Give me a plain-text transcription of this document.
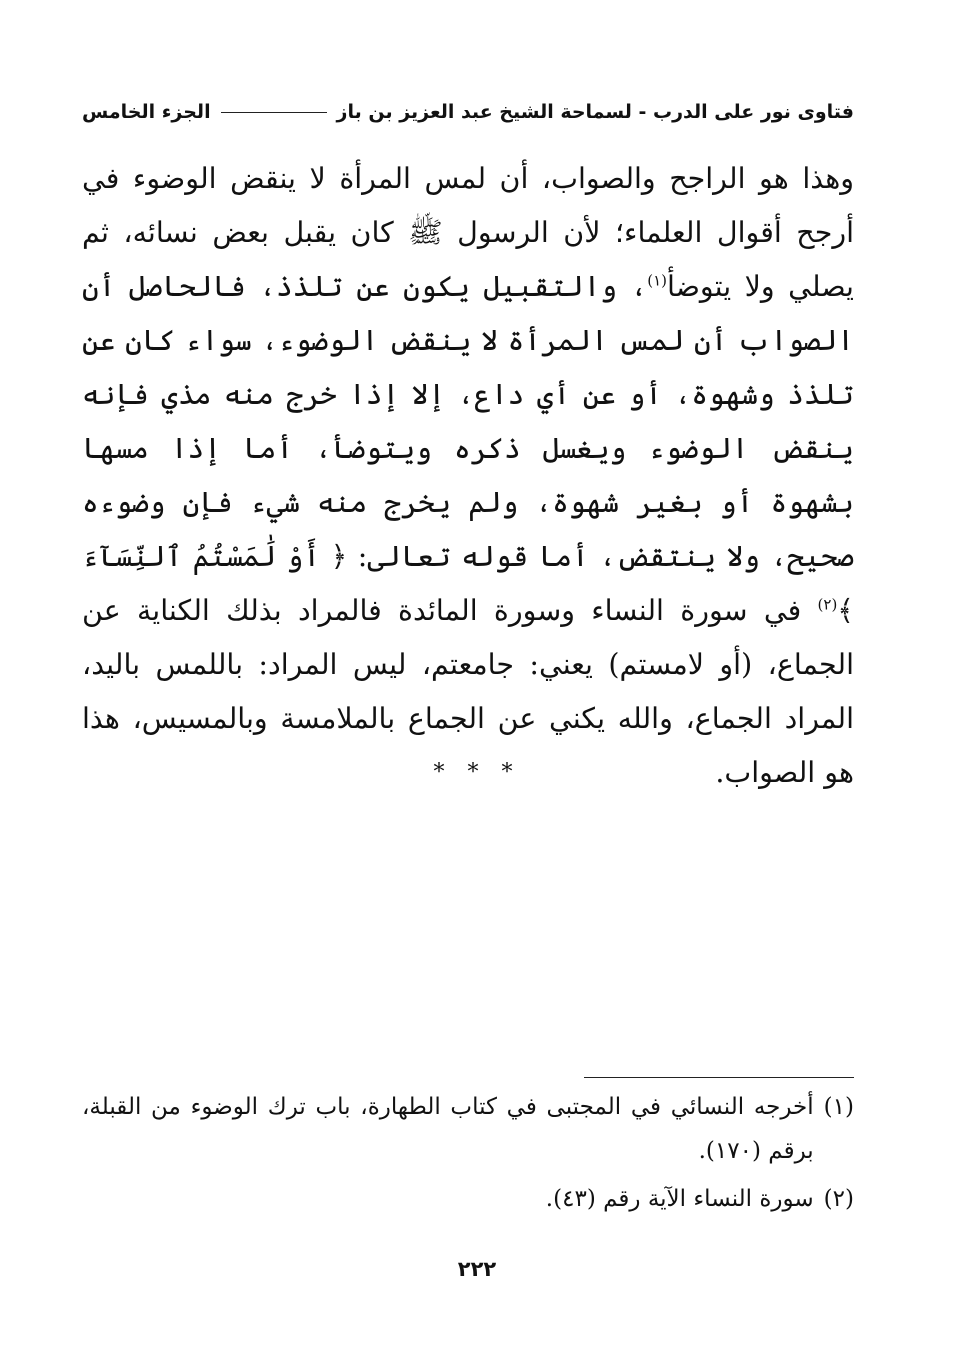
فتاوى نور على الدرب - لسماحة الشيخ عبد العزيز بن باز
الجزء الخامس

وهذا هو الراجح والصواب، أن لمس المرأة لا ينقض الوضوء في أرجح أقوال العلماء؛ لأن الرسول ﷺ كان يقبل بعض نسائه، ثم يصلي ولا يتوضأ$^{(١)}$، والتقبيل يكون عن تلذذ، فالحاصل أن الصواب أن لمس المرأة لا ينقض الوضوء، سواء كان عن تلذذ وشهوة، أو عن أي داع، إلا إذا خرج منه مذي فإنه ينقض الوضوء ويغسل ذكره ويتوضأ، أما إذا مسها بشهوة أو بغير شهوة، ولم يخرج منه شيء فإن وضوءه صحيح، ولا ينتقض، أما قوله تعالى: ﴿ أَوْ لَٰمَسْتُمُ ٱلنِّسَآءَ ﴾$^{(٢)}$ في سورة النساء وسورة المائدة فالمراد بذلك الكناية عن الجماع، (أو لامستم) يعني: جامعتم، ليس المراد: باللمس باليد، المراد الجماع، والله يكني عن الجماع بالملامسة وبالمسيس، هذا هو الصواب.

* * *
(١)
أخرجه النسائي في المجتبى في كتاب الطهارة، باب ترك الوضوء من القبلة، برقم (١٧٠).
(٢)
سورة النساء الآية رقم (٤٣).
٢٢٢
